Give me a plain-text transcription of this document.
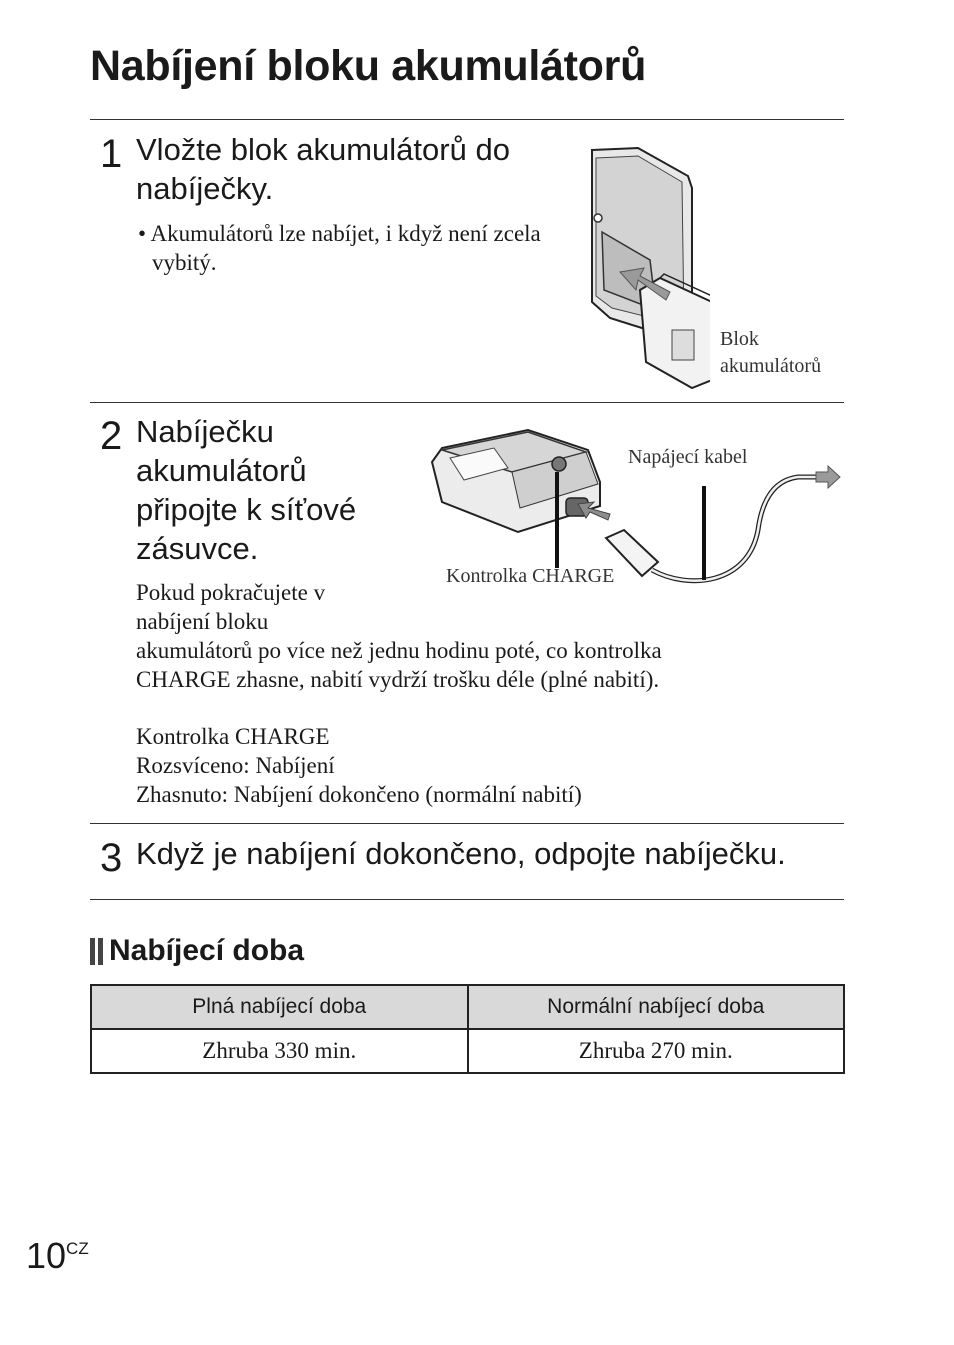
Nabíjení bloku akumulátorů
1 Vložte blok akumulátorů do nabíječky.
• Akumulátorů lze nabíjet, i když není zcela vybitý.
Blok
akumulátorů
2 Nabíječku akumulátorů připojte k síťové zásuvce.
Napájecí kabel
Kontrolka CHARGE
Pokud pokračujete v
nabíjení bloku
akumulátorů po více než jednu hodinu poté, co kontrolka
CHARGE zhasne, nabití vydrží trošku déle (plné nabití).
Kontrolka CHARGE
Rozsvíceno: Nabíjení
Zhasnuto: Nabíjení dokončeno (normální nabití)
3 Když je nabíjení dokončeno, odpojte nabíječku.
Nabíjecí doba
Plná nabíjecí doba	Normální nabíjecí doba
Zhruba 330 min.	Zhruba 270 min.
$10^{CZ}$
